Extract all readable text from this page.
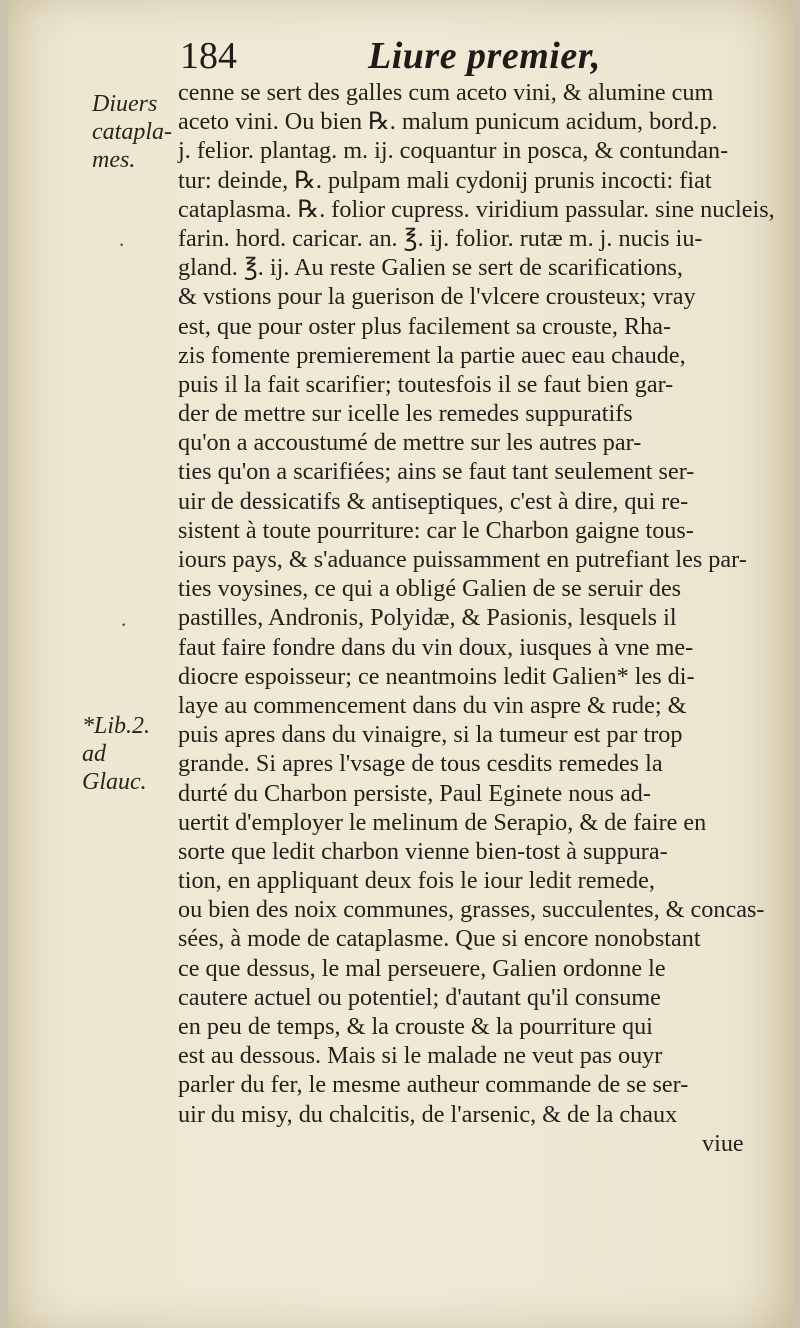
184	Liure premier,
Diuers
catapla-
mes.
*Lib.2.
ad
Glauc.
·
·
cenne se sert des galles cum aceto vini, & alumine cum
aceto vini. Ou bien ℞. malum punicum acidum, bord.p.
j. felior. plantag. m. ij. coquantur in posca, & contundan-
tur: deinde, ℞. pulpam mali cydonij prunis incocti: fiat
cataplasma. ℞. folior cupress. viridium passular. sine nucleis,
farin. hord. caricar. an. ℥. ij. folior. rutæ m. j. nucis iu-
gland. ℥. ij. Au reste Galien se sert de scarifications,
& vstions pour la guerison de l'vlcere crousteux; vray
est, que pour oster plus facilement sa crouste, Rha-
zis fomente premierement la partie auec eau chaude,
puis il la fait scarifier; toutesfois il se faut bien gar-
der de mettre sur icelle les remedes suppuratifs
qu'on a accoustumé de mettre sur les autres par-
ties qu'on a scarifiées; ains se faut tant seulement ser-
uir de dessicatifs & antiseptiques, c'est à dire, qui re-
sistent à toute pourriture: car le Charbon gaigne tous-
iours pays, & s'aduance puissamment en putrefiant les par-
ties voysines, ce qui a obligé Galien de se seruir des
pastilles, Andronis, Polyidæ, & Pasionis, lesquels il
faut faire fondre dans du vin doux, iusques à vne me-
diocre espoisseur; ce neantmoins ledit Galien* les di-
laye au commencement dans du vin aspre & rude; &
puis apres dans du vinaigre, si la tumeur est par trop
grande. Si apres l'vsage de tous cesdits remedes la
durté du Charbon persiste, Paul Eginete nous ad-
uertit d'employer le melinum de Serapio, & de faire en
sorte que ledit charbon vienne bien-tost à suppura-
tion, en appliquant deux fois le iour ledit remede,
ou bien des noix communes, grasses, succulentes, & concas-
sées, à mode de cataplasme. Que si encore nonobstant
ce que dessus, le mal perseuere, Galien ordonne le
cautere actuel ou potentiel; d'autant qu'il consume
en peu de temps, & la crouste & la pourriture qui
est au dessous. Mais si le malade ne veut pas ouyr
parler du fer, le mesme autheur commande de se ser-
uir du misy, du chalcitis, de l'arsenic, & de la chaux
viue
